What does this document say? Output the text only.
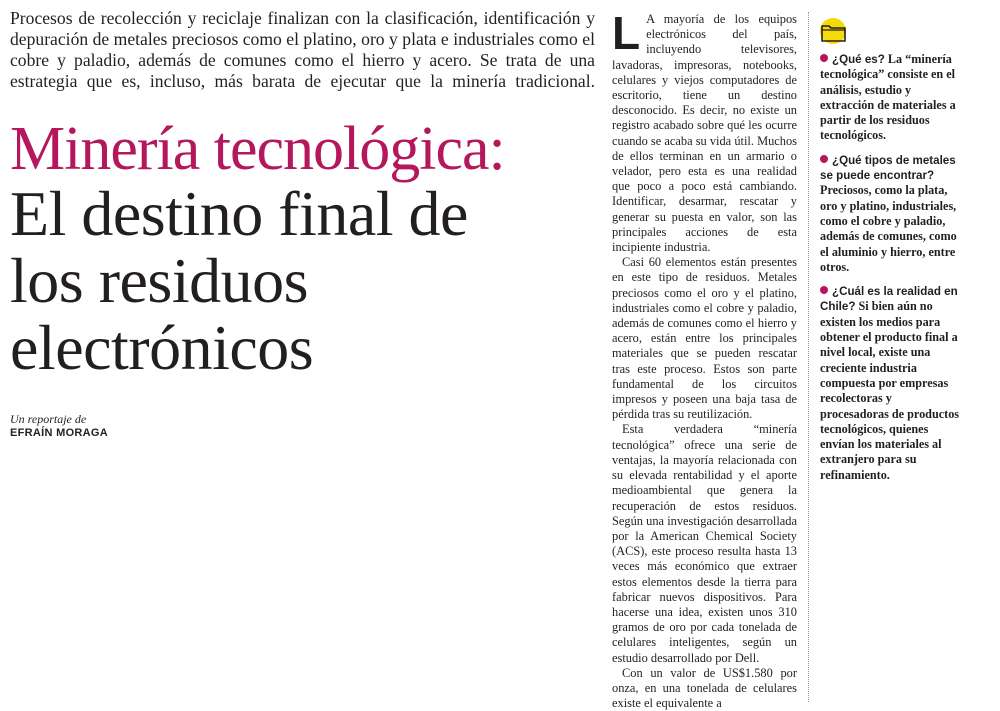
Procesos de recolección y reciclaje finalizan con la clasificación, identificación y depuración de metales preciosos como el platino, oro y plata e industriales como el cobre y paladio, además de comunes como el hierro y acero. Se trata de una estrategia que es, incluso, más barata de ejecutar que la minería tradicional.

Minería tecnológica:
El destino final de
los residuos
electrónicos

Un reportaje de

EFRAÍN MORAGA

L A mayoría de los equipos electrónicos del país, incluyendo televisores, lavadoras, impresoras, notebooks, celulares y viejos computadores de escritorio, tiene un destino desconocido. Es decir, no existe un registro acabado sobre qué les ocurre cuando se acaba su vida útil. Muchos de ellos terminan en un armario o velador, pero esta es una realidad que poco a poco está cambiando. Identificar, desarmar, rescatar y generar su puesta en valor, son las principales acciones de esta incipiente industria.

Casi 60 elementos están presentes en este tipo de residuos. Metales preciosos como el oro y el platino, industriales como el cobre y paladio, además de comunes como el hierro y acero, están entre los principales materiales que se pueden rescatar tras este proceso. Estos son parte fundamental de los circuitos impresos y poseen una baja tasa de pérdida tras su reutilización.

Esta verdadera “minería tecnológica” ofrece una serie de ventajas, la mayoría relacionada con su elevada rentabilidad y el aporte medioambiental que genera la recuperación de estos residuos. Según una investigación desarrollada por la American Chemical Society (ACS), este proceso resulta hasta 13 veces más económico que extraer estos elementos desde la tierra para fabricar nuevos dispositivos. Para hacerse una idea, existen unos 310 gramos de oro por cada tonelada de celulares inteligentes, según un estudio desarrollado por Dell.

Con un valor de US$1.580 por onza, en una tonelada de celulares existe el equivalente a

¿Qué es? La “minería tecnológica” consiste en el análisis, estudio y extracción de materiales a partir de los residuos tecnológicos.

¿Qué tipos de metales se puede encontrar? Preciosos, como la plata, oro y platino, industriales, como el cobre y paladio, además de comunes, como el aluminio y hierro, entre otros.

¿Cuál es la realidad en Chile? Si bien aún no existen los medios para obtener el producto final a nivel local, existe una creciente industria compuesta por empresas recolectoras y procesadoras de productos tecnológicos, quienes envían los materiales al extranjero para su refinamiento.
